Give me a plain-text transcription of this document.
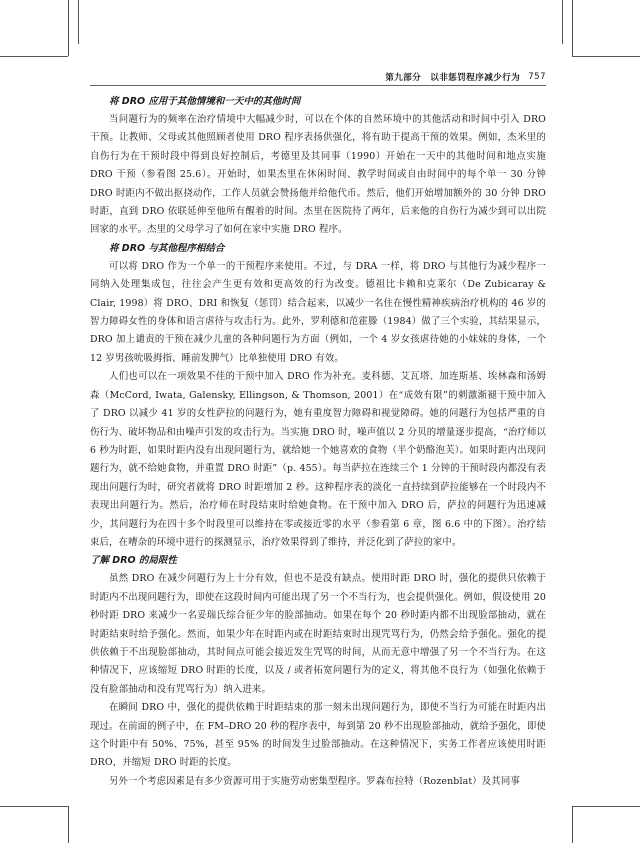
第九部分　以非惩罚程序减少行为 757
将 DRO 应用于其他情境和一天中的其他时间

当问题行为的频率在治疗情境中大幅减少时，可以在个体的自然环境中的其他活动和时间中引入 DRO 干预。让教师、父母或其他照顾者使用 DRO 程序表扬供强化，将有助于提高干预的效果。例如，杰米里的自伤行为在干预时段中得到良好控制后，考德里及其同事（1990）开始在一天中的其他时间和地点实施 DRO 干预（参看图 25.6）。开始时，如果杰里在休闲时间、教学时间或自由时间中的每个单一 30 分钟 DRO 时距内不做出抠挠动作，工作人员就会赞扬他并给他代币。然后，他们开始增加额外的 30 分钟 DRO 时距，直到 DRO 依联延伸至他所有醒着的时间。杰里在医院待了两年，后来他的自伤行为减少到可以出院回家的水平。杰里的父母学习了如何在家中实施 DRO 程序。

将 DRO 与其他程序相结合

可以将 DRO 作为一个单一的干预程序来使用。不过，与 DRA 一样，将 DRO 与其他行为减少程序一同纳入处理集成包，往往会产生更有效和更高效的行为改变。德祖比卡赖和克莱尔（De Zubicaray & Clair, 1998）将 DRO、DRI 和恢复（惩罚）结合起来，以减少一名住在慢性精神疾病治疗机构的 46 岁的智力障碍女性的身体和语言虐待与攻击行为。此外，罗利德和范霍滕（1984）做了三个实验，其结果显示，DRO 加上谴责的干预在减少儿童的各种问题行为方面（例如，一个 4 岁女孩虐待她的小妹妹的身体，一个 12 岁男孩吮吸拇指、睡前发脾气）比单独使用 DRO 有效。

人们也可以在一项效果不佳的干预中加入 DRO 作为补充。麦科德、艾瓦塔、加连斯基、埃林森和汤姆森（McCord, Iwata, Galensky, Ellingson, & Thomson, 2001）在“成效有限”的刺激渐褪干预中加入了 DRO 以减少 41 岁的女性萨拉的问题行为，她有重度智力障碍和视觉障碍。她的问题行为包括严重的自伤行为、破坏物品和由噪声引发的攻击行为。当实施 DRO 时，噪声值以 2 分贝的增量逐步提高，“治疗师以 6 秒为时距，如果时距内没有出现问题行为，就给她一个她喜欢的食物（半个奶酪泡芙）。如果时距内出现问题行为，就不给她食物，并重置 DRO 时距”（p. 455）。每当萨拉在连续三个 1 分钟的干预时段内都没有表现出问题行为时，研究者就将 DRO 时距增加 2 秒。这种程序表的淡化一直持续到萨拉能够在一个时段内不表现出问题行为。然后，治疗师在时段结束时给她食物。在干预中加入 DRO 后，萨拉的问题行为迅速减少，其问题行为在四十多个时段里可以维持在零或接近零的水平（参看第 6 章，图 6.6 中的下图）。治疗结束后，在嘈杂的环境中进行的探测显示，治疗效果得到了维持，并泛化到了萨拉的家中。

了解 DRO 的局限性

虽然 DRO 在减少问题行为上十分有效，但也不是没有缺点。使用时距 DRO 时，强化的提供只依赖于时距内不出现问题行为，即使在这段时间内可能出现了另一个不当行为，也会提供强化。例如，假设使用 20 秒时距 DRO 来减少一名妥瑞氏综合征少年的脸部抽动。如果在每个 20 秒时距内都不出现脸部抽动，就在时距结束时给予强化。然而，如果少年在时距内或在时距结束时出现咒骂行为，仍然会给予强化。强化的提供依赖于不出现脸部抽动，其时间点可能会接近发生咒骂的时间，从而无意中增强了另一个不当行为。在这种情况下，应该缩短 DRO 时距的长度，以及 / 或者拓宽问题行为的定义，将其他不良行为（如强化依赖于没有脸部抽动和没有咒骂行为）纳入进来。

在瞬间 DRO 中，强化的提供依赖于时距结束的那一刻未出现问题行为，即使不当行为可能在时距内出现过。在前面的例子中，在 FM–DRO 20 秒的程序表中，每到第 20 秒不出现脸部抽动，就给予强化，即使这个时距中有 50%、75%，甚至 95% 的时间发生过脸部抽动。在这种情况下，实务工作者应该使用时距 DRO，并缩短 DRO 时距的长度。

另外一个考虑因素是有多少资源可用于实施劳动密集型程序。罗森布拉特（Rozenblat）及其同事
